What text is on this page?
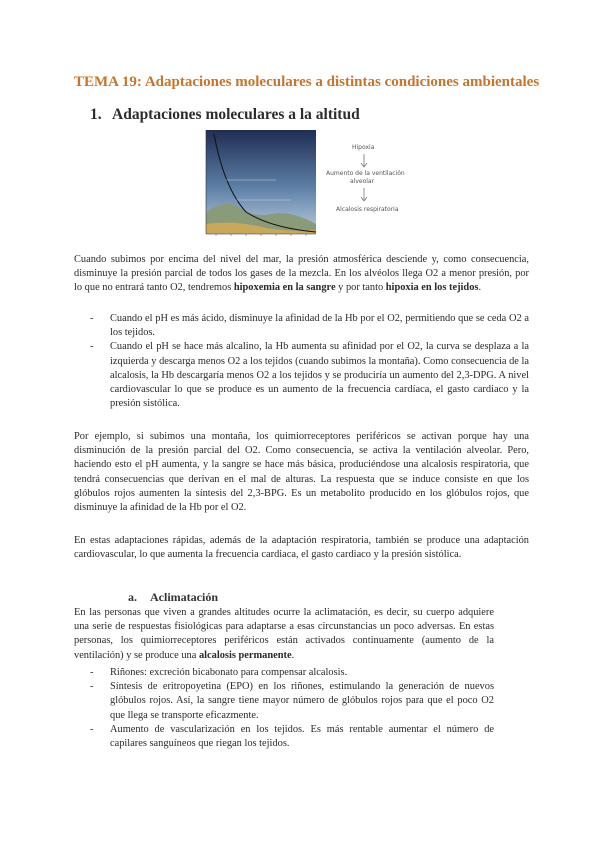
TEMA 19: Adaptaciones moleculares a distintas condiciones ambientales
1. Adaptaciones moleculares a la altitud
Hipoxia
Aumento de la ventilación
alveolar
Alcalosis respiratoria
Cuando subimos por encima del nivel del mar, la presión atmosférica desciende y, como consecuencia, disminuye la presión parcial de todos los gases de la mezcla. En los alvéolos llega O2 a menor presión, por lo que no entrará tanto O2, tendremos hipoxemia en la sangre y por tanto hipoxia en los tejidos.

- Cuando el pH es más ácido, disminuye la afinidad de la Hb por el O2, permitiendo que se ceda O2 a los tejidos.

- Cuando el pH se hace más alcalino, la Hb aumenta su afinidad por el O2, la curva se desplaza a la izquierda y descarga menos O2 a los tejidos (cuando subimos la montaña). Como consecuencia de la alcalosis, la Hb descargaría menos O2 a los tejidos y se produciría un aumento del 2,3-DPG. A nivel cardiovascular lo que se produce es un aumento de la frecuencia cardíaca, el gasto cardiaco y la presión sistólica.

Por ejemplo, si subimos una montaña, los quimiorreceptores periféricos se activan porque hay una disminución de la presión parcial del O2. Como consecuencia, se activa la ventilación alveolar. Pero, haciendo esto el pH aumenta, y la sangre se hace más básica, produciéndose una alcalosis respiratoria, que tendrá consecuencias que derivan en el mal de alturas. La respuesta que se induce consiste en que los glóbulos rojos aumenten la síntesis del 2,3-BPG. Es un metabolito producido en los glóbulos rojos, que disminuye la afinidad de la Hb por el O2.
En estas adaptaciones rápidas, además de la adaptación respiratoria, también se produce una adaptación cardiovascular, lo que aumenta la frecuencia cardiaca, el gasto cardiaco y la presión sistólica.
a. Aclimatación
En las personas que viven a grandes altitudes ocurre la aclimatación, es decir, su cuerpo adquiere una serie de respuestas fisiológicas para adaptarse a esas circunstancias un poco adversas. En estas personas, los quimiorreceptores periféricos están activados continuamente (aumento de la ventilación) y se produce una alcalosis permanente.

- Riñones: excreción bicabonato para compensar alcalosis.

- Síntesis de eritropoyetina (EPO) en los riñones, estimulando la generación de nuevos glóbulos rojos. Así, la sangre tiene mayor número de glóbulos rojos para que el poco O2 que llega se transporte eficazmente.

- Aumento de vascularización en los tejidos. Es más rentable aumentar el número de capilares sanguíneos que riegan los tejidos.
